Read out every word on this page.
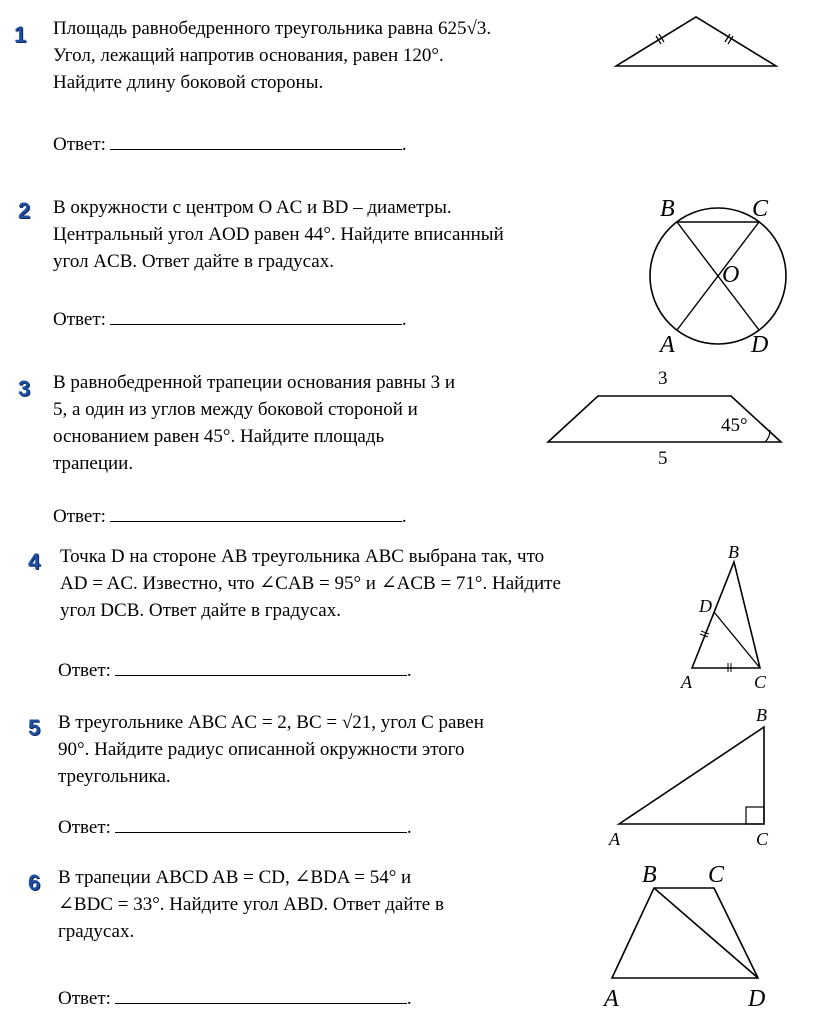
1 Площадь равнобедренного треугольника равна 625√3.
Угол, лежащий напротив основания, равен 120°.
Найдите длину боковой стороны.
Ответ:	.
2 В окружности с центром O AC и BD – диаметры.
Центральный угол AOD равен 44°. Найдите вписанный
угол ACB. Ответ дайте в градусах.
Ответ:	.
B	C
O
A	D
3 В равнобедренной трапеции основания равны 3 и
5, а один из углов между боковой стороной и
основанием равен 45°. Найдите площадь
трапеции.
Ответ:	.
3
5
45°
4 Точка D на стороне AB треугольника ABC выбрана так, что
AD = AC. Известно, что ∠CAB = 95° и ∠ACB = 71°. Найдите
угол DCB. Ответ дайте в градусах.
Ответ:	.
B
D
A	C
5 В треугольнике ABC AC = 2, BC = √21, угол C равен
90°. Найдите радиус описанной окружности этого
треугольника.
Ответ:	.
B
A	C
6 В трапеции ABCD AB = CD, ∠BDA = 54° и
∠BDC = 33°. Найдите угол ABD. Ответ дайте в
градусах.
Ответ:	.
B C
A	D
